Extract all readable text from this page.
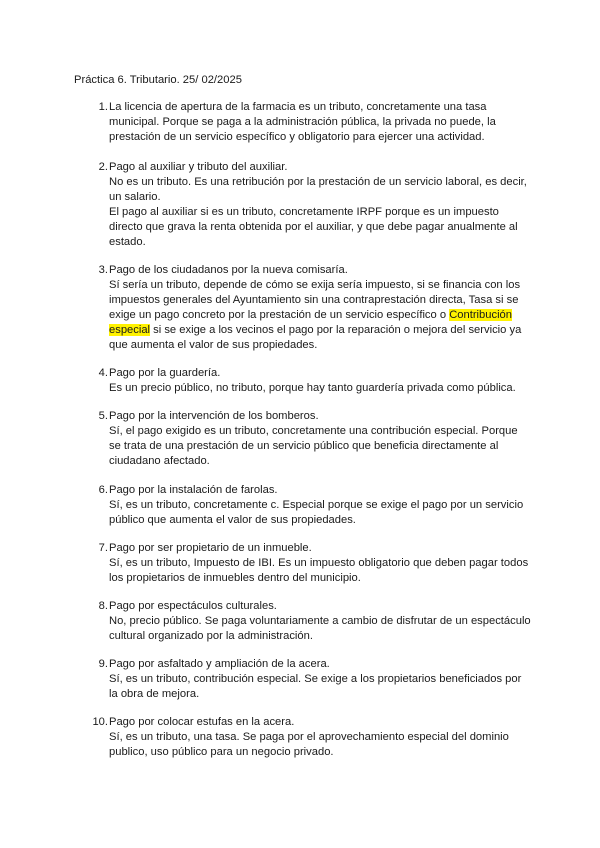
Práctica 6. Tributario. 25/ 02/2025
1. La licencia de apertura de la farmacia es un tributo, concretamente una tasa
municipal. Porque se paga a la administración pública, la privada no puede, la
prestación de un servicio específico y obligatorio para ejercer una actividad.
2. Pago al auxiliar y tributo del auxiliar.
No es un tributo. Es una retribución por la prestación de un servicio laboral, es decir,
un salario.
El pago al auxiliar si es un tributo, concretamente IRPF porque es un impuesto
directo que grava la renta obtenida por el auxiliar, y que debe pagar anualmente al
estado.
3. Pago de los ciudadanos por la nueva comisaría.
Sí sería un tributo, depende de cómo se exija sería impuesto, si se financia con los
impuestos generales del Ayuntamiento sin una contraprestación directa, Tasa si se
exige un pago concreto por la prestación de un servicio específico o Contribución
especial si se exige a los vecinos el pago por la reparación o mejora del servicio ya
que aumenta el valor de sus propiedades.
4. Pago por la guardería.
Es un precio público, no tributo, porque hay tanto guardería privada como pública.
5. Pago por la intervención de los bomberos.
Sí, el pago exigido es un tributo, concretamente una contribución especial. Porque
se trata de una prestación de un servicio público que beneficia directamente al
ciudadano afectado.
6. Pago por la instalación de farolas.
Sí, es un tributo, concretamente c. Especial porque se exige el pago por un servicio
público que aumenta el valor de sus propiedades.
7. Pago por ser propietario de un inmueble.
Sí, es un tributo, Impuesto de IBI. Es un impuesto obligatorio que deben pagar todos
los propietarios de inmuebles dentro del municipio.
8. Pago por espectáculos culturales.
No, precio público. Se paga voluntariamente a cambio de disfrutar de un espectáculo
cultural organizado por la administración.
9. Pago por asfaltado y ampliación de la acera.
Sí, es un tributo, contribución especial. Se exige a los propietarios beneficiados por
la obra de mejora.
10. Pago por colocar estufas en la acera.
Sí, es un tributo, una tasa. Se paga por el aprovechamiento especial del dominio
publico, uso público para un negocio privado.
